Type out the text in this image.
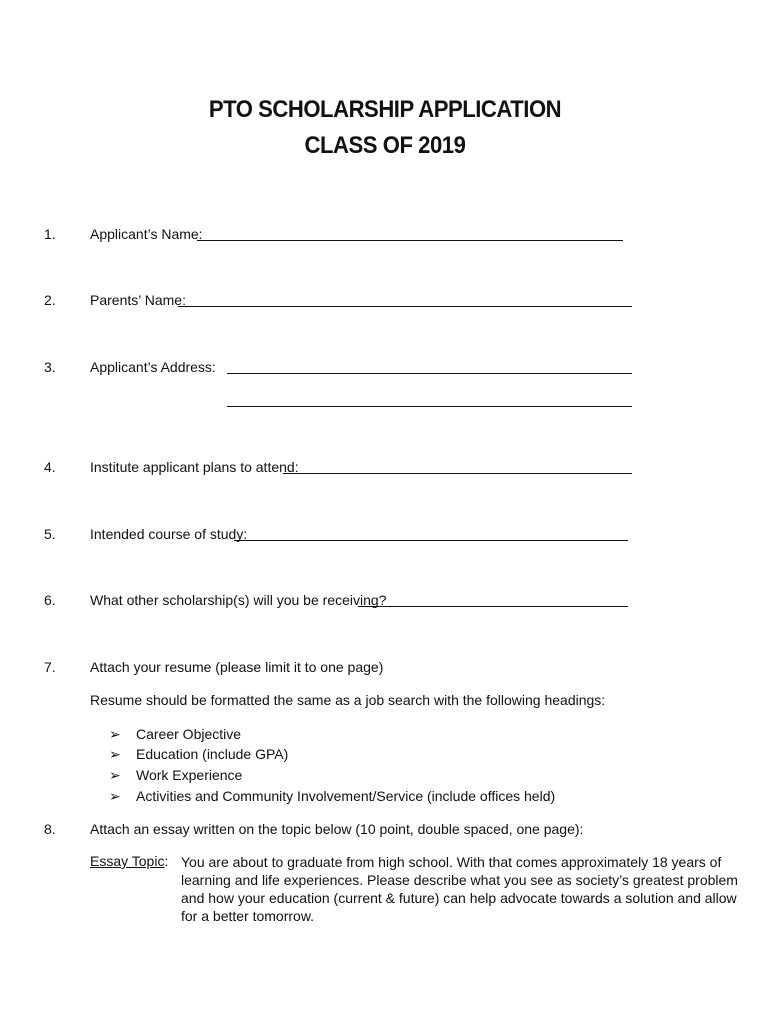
PTO SCHOLARSHIP APPLICATION
CLASS OF 2019
1. Applicant’s Name:
2. Parents’ Name:
3. Applicant’s Address:
4. Institute applicant plans to attend:
5. Intended course of study:
6. What other scholarship(s) will you be receiving?
7. Attach your resume (please limit it to one page)
Resume should be formatted the same as a job search with the following headings:
➢ Career Objective
➢ Education (include GPA)
➢ Work Experience
➢ Activities and Community Involvement/Service (include offices held)
8. Attach an essay written on the topic below (10 point, double spaced, one page):
Essay Topic: You are about to graduate from high school. With that comes approximately 18 years of learning and life experiences. Please describe what you see as society’s greatest problem and how your education (current & future) can help advocate towards a solution and allow for a better tomorrow.
